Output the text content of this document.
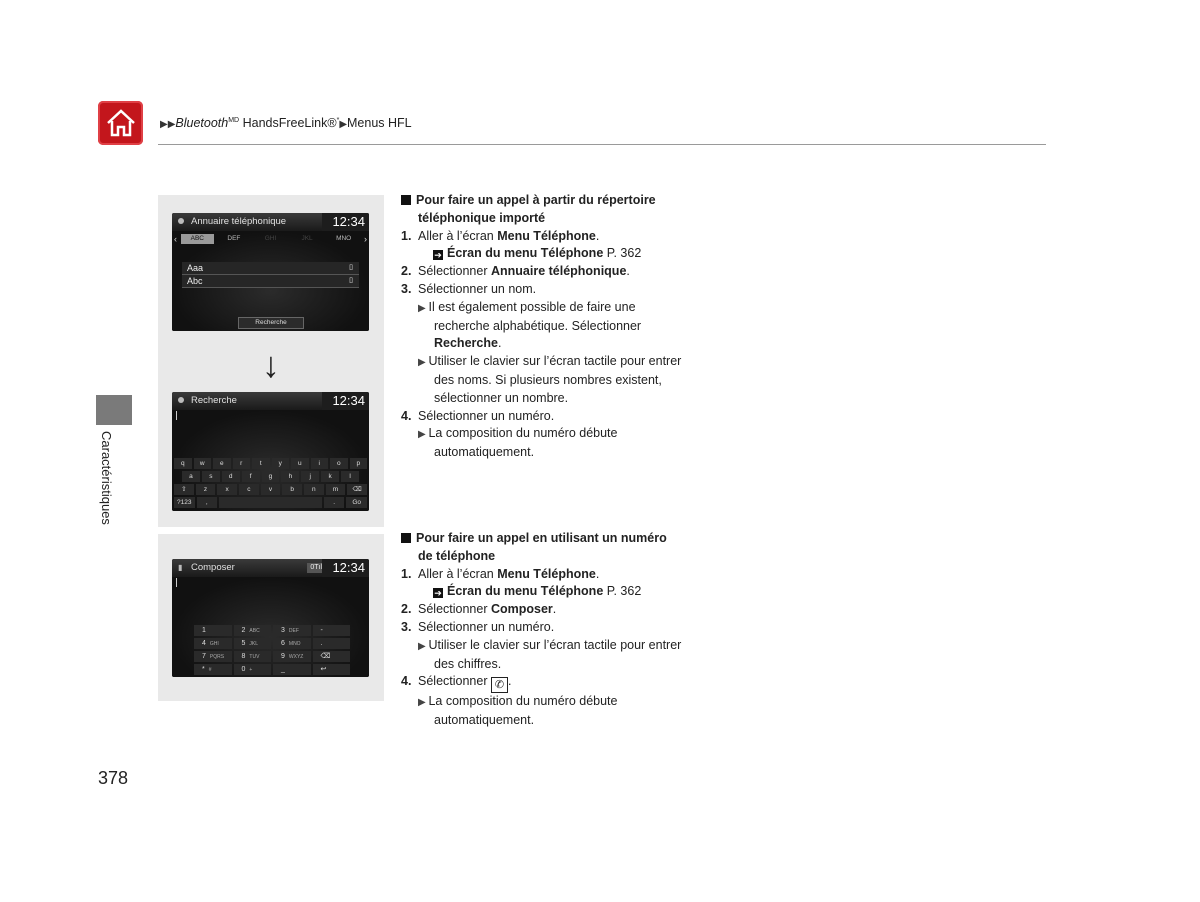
▶▶Bluetooth$^{MD}$ HandsFreeLink®*▶Menus HFL
Caractéristiques
378
Annuaire téléphonique	12:34
‹	ABC	DEF	GHI	JKL	MNO	›
Aaa	▯
Abc	▯
Recherche
↓
Recherche	12:34
q	w	e	r	t	y	u	i	o	p
a	s	d	f	g	h	j	k	l
⇧	z	x	c	v	b	n	m	⌫
?123	,	.	Go
▮ Composer	0Tıl 12:34
1	2 ABC	3 DEF	-
4 GHI	5 JKL	6 MNO	.
7 PQRS	8 TUV	9 WXYZ	⌫
* #	0 +	_	↩
Pour faire un appel à partir du répertoire
téléphonique importé
1. Aller à l’écran Menu Téléphone.
➔ Écran du menu Téléphone P. 362
2. Sélectionner Annuaire téléphonique.
3. Sélectionner un nom.
▶ Il est également possible de faire une
recherche alphabétique. Sélectionner
Recherche.
▶ Utiliser le clavier sur l’écran tactile pour entrer
des noms. Si plusieurs nombres existent,
sélectionner un nombre.
4. Sélectionner un numéro.
▶ La composition du numéro débute
automatiquement.
Pour faire un appel en utilisant un numéro
de téléphone
1. Aller à l’écran Menu Téléphone.
➔ Écran du menu Téléphone P. 362
2. Sélectionner Composer.
3. Sélectionner un numéro.
▶ Utiliser le clavier sur l’écran tactile pour entrer
des chiffres.
4. Sélectionner ✆ .
▶ La composition du numéro débute
automatiquement.
